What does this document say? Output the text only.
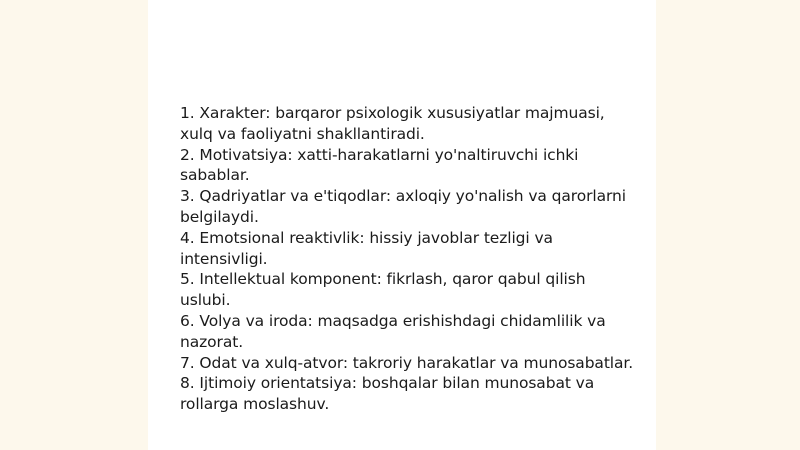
1. Xarakter: barqaror psixologik xususiyatlar majmuasi, xulq va faoliyatni shakllantiradi.

2. Motivatsiya: xatti-harakatlarni yo'naltiruvchi ichki sabablar.

3. Qadriyatlar va e'tiqodlar: axloqiy yo'nalish va qarorlarni belgilaydi.

4. Emotsional reaktivlik: hissiy javoblar tezligi va intensivligi.

5. Intellektual komponent: fikrlash, qaror qabul qilish uslubi.

6. Volya va iroda: maqsadga erishishdagi chidamlilik va nazorat.

7. Odat va xulq-atvor: takroriy harakatlar va munosabatlar.

8. Ijtimoiy orientatsiya: boshqalar bilan munosabat va rollarga moslashuv.
